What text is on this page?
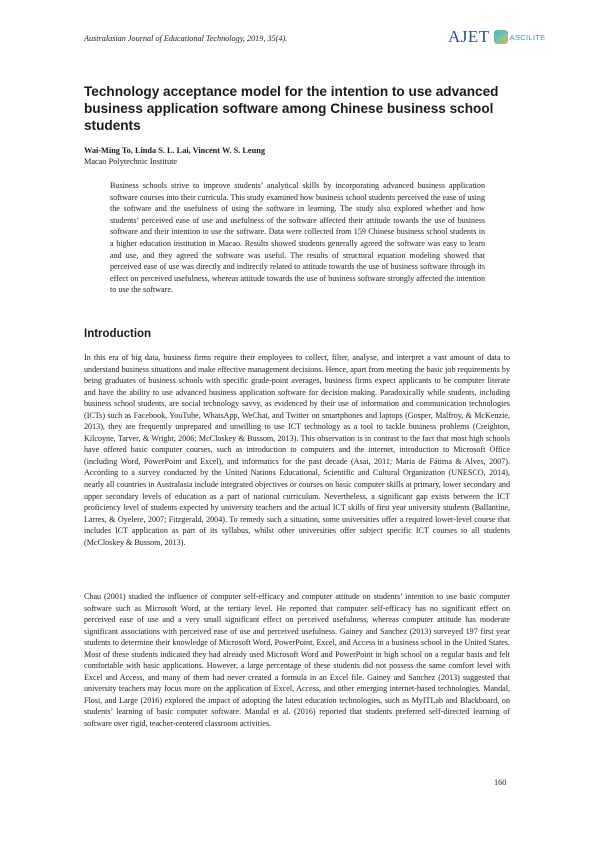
Australasian Journal of Educational Technology, 2019, 35(4).	AJET	ASCILITE
Technology acceptance model for the intention to use advanced business application software among Chinese business school students
Wai-Ming To, Linda S. L. Lai, Vincent W. S. Leung
Macao Polytechnic Institute

Business schools strive to improve students’ analytical skills by incorporating advanced business application software courses into their curricula. This study examined how business school students perceived the ease of using the software and the usefulness of using the software in learning. The study also explored whether and how students’ perceived ease of use and usefulness of the software affected their attitude towards the use of business software and their intention to use the software. Data were collected from 159 Chinese business school students in a higher education institution in Macao. Results showed students generally agreed the software was easy to learn and use, and they agreed the software was useful. The results of structural equation modeling showed that perceived ease of use was directly and indirectly related to attitude towards the use of business software through its effect on perceived usefulness, whereas attitude towards the use of business software strongly affected the intention to use the software.

Introduction

In this era of big data, business firms require their employees to collect, filter, analyse, and interpret a vast amount of data to understand business situations and make effective management decisions. Hence, apart from meeting the basic job requirements by being graduates of business schools with specific grade-point averages, business firms expect applicants to be computer literate and have the ability to use advanced business application software for decision making. Paradoxically while students, including business school students, are social technology savvy, as evidenced by their use of information and communication technologies (ICTs) such as Facebook, YouTube, WhatsApp, WeChat, and Twitter on smartphones and laptops (Gosper, Malfroy, & McKenzie, 2013), they are frequently unprepared and unwilling to use ICT technology as a tool to tackle business problems (Creighton, Kilcoyne, Tarver, & Wright, 2006; McCloskey & Bussom, 2013). This observation is in contrast to the fact that most high schools have offered basic computer courses, such as introduction to computers and the internet, introduction to Microsoft Office (including Word, PowerPoint and Excel), and informatics for the past decade (Asai, 2011; Maria de Fátima & Alves, 2007). According to a survey conducted by the United Nations Educational, Scientific and Cultural Organization (UNESCO, 2014), nearly all countries in Australasia include integrated objectives or courses on basic computer skills at primary, lower secondary and upper secondary levels of education as a part of national curriculum. Nevertheless, a significant gap exists between the ICT proficiency level of students expected by university teachers and the actual ICT skills of first year university students (Ballantine, Larres, & Oyelere, 2007; Fitzgerald, 2004). To remedy such a situation, some universities offer a required lower-level course that includes ICT application as part of its syllabus, whilst other universities offer subject specific ICT courses to all students (McCloskey & Bussom, 2013).

Chau (2001) studied the influence of computer self-efficacy and computer attitude on students’ intention to use basic computer software such as Microsoft Word, at the tertiary level. He reported that computer self-efficacy has no significant effect on perceived ease of use and a very small significant effect on perceived usefulness, whereas computer attitude has moderate significant associations with perceived ease of use and perceived usefulness. Gainey and Sanchez (2013) surveyed 197 first year students to determine their knowledge of Microsoft Word, PowerPoint, Excel, and Access in a business school in the United States. Most of these students indicated they had already used Microsoft Word and PowerPoint in high school on a regular basis and felt comfortable with basic applications. However, a large percentage of these students did not possess the same comfort level with Excel and Access, and many of them had never created a formula in an Excel file. Gainey and Sanchez (2013) suggested that university teachers may focus more on the application of Excel, Access, and other emerging internet-based technologies. Mandal, Flosi, and Large (2016) explored the impact of adopting the latest education technologies, such as MyITLab and Blackboard, on students’ learning of basic computer software. Mandal et al. (2016) reported that students preferred self-directed learning of software over rigid, teacher-centered classroom activities.

160
